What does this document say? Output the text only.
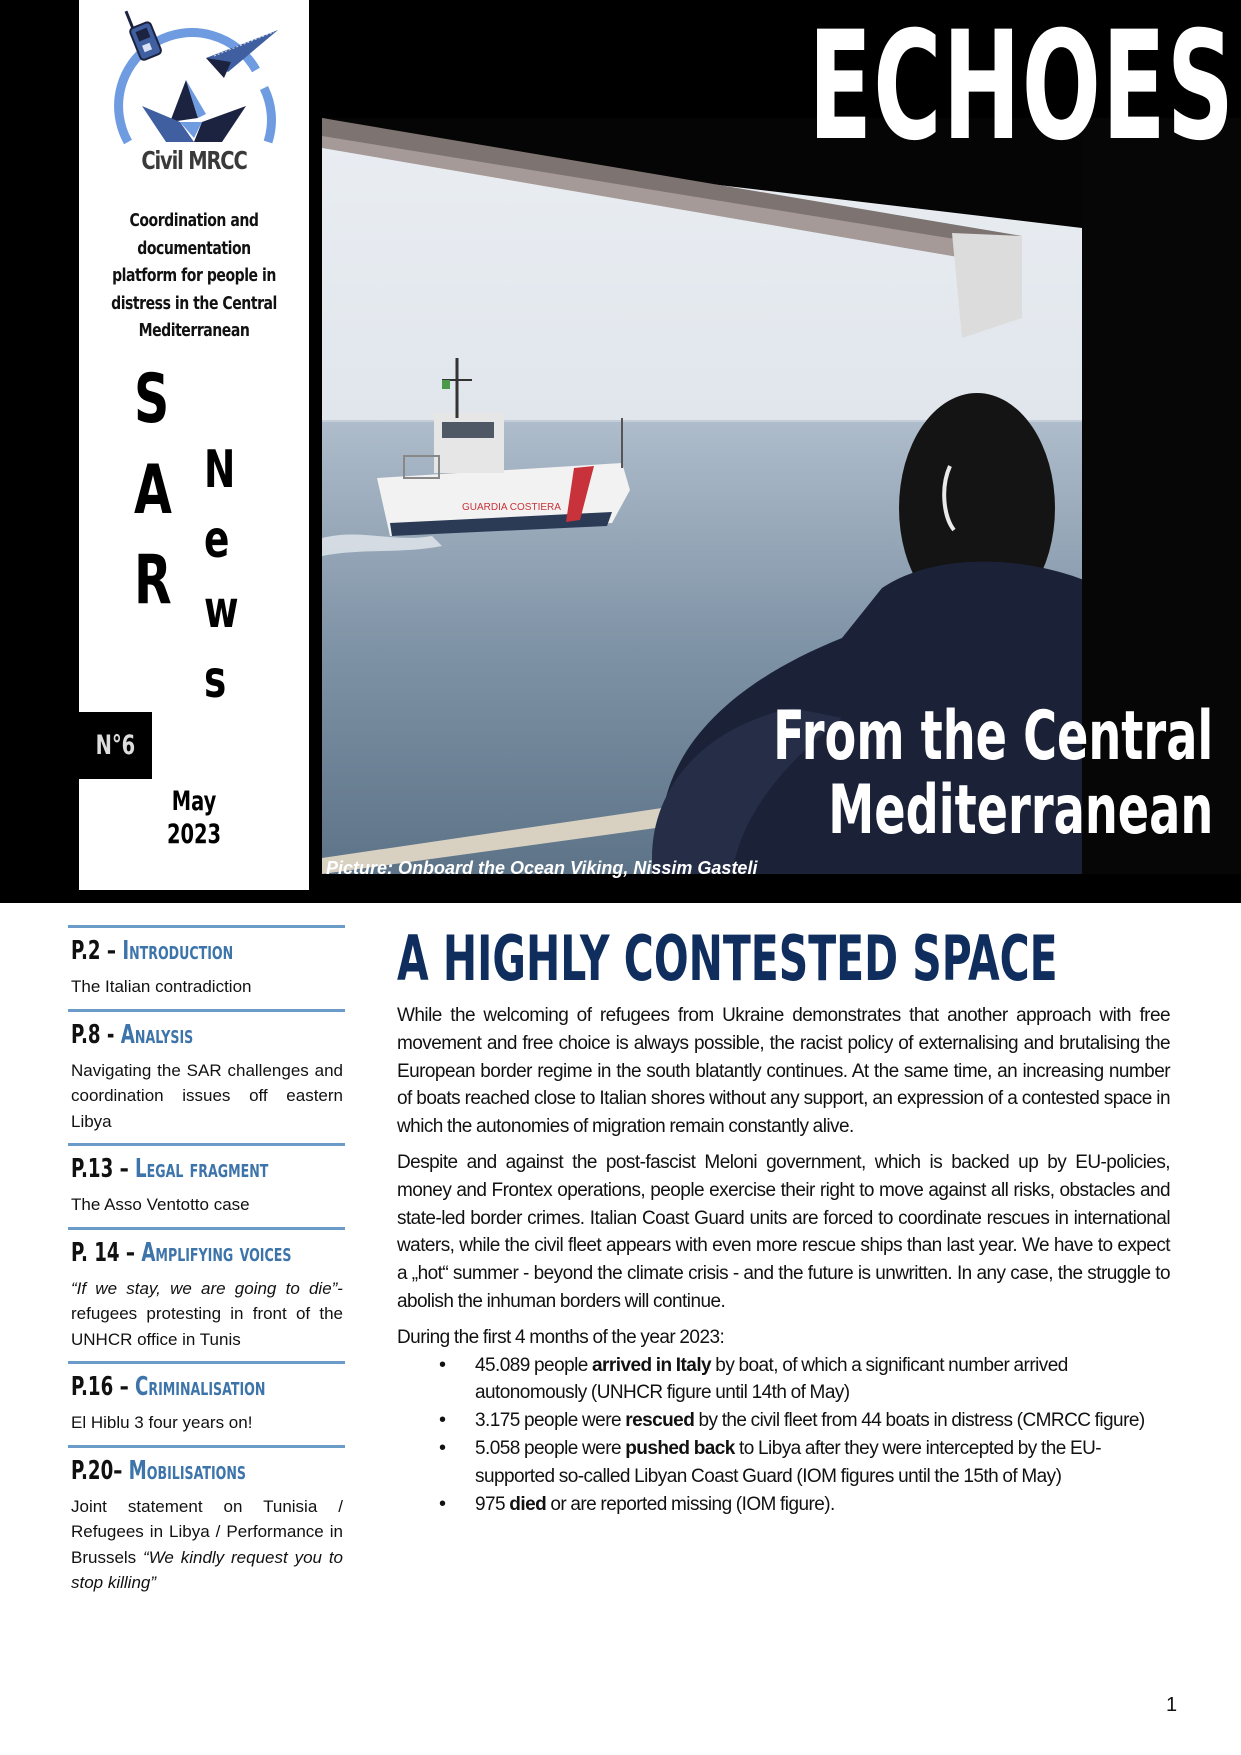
Civil MRCC
Coordination and
documentation
platform for people in
distress in the Central
Mediterranean
S
A
R
N
e
w
s
N°6
May
2023
GUARDIA COSTIERA
ECHOES
From the Central
Mediterranean
Picture: Onboard the Ocean Viking, Nissim Gasteli
P.2 – Introduction
The Italian contradiction
P.8 - Analysis
Navigating the SAR challenges and coordination issues off eastern Libya
P.13 – Legal fragment
The Asso Ventotto case
P. 14 – Amplifying voices
“If we stay, we are going to die”- refugees protesting in front of the UNHCR office in Tunis
P.16 – Criminalisation
El Hiblu 3 four years on!
P.20– Mobilisations
Joint statement on Tunisia / Refugees in Libya / Performance in Brussels “We kindly request you to stop killing”
A HIGHLY CONTESTED SPACE

While the welcoming of refugees from Ukraine demonstrates that another approach with free movement and free choice is always possible, the racist policy of externalising and brutalising the European border regime in the south blatantly continues. At the same time, an increasing number of boats reached close to Italian shores without any support, an expression of a contested space in which the autonomies of migration remain constantly alive.

Despite and against the post-fascist Meloni government, which is backed up by EU-policies, money and Frontex operations, people exercise their right to move against all risks, obstacles and state-led border crimes. Italian Coast Guard units are forced to coordinate rescues in international waters, while the civil fleet appears with even more rescue ships than last year. We have to expect a „hot“ summer - beyond the climate crisis - and the future is unwritten. In any case, the struggle to abolish the inhuman borders will continue.

During the first 4 months of the year 2023:

• 45.089 people arrived in Italy by boat, of which a significant number arrived autonomously (UNHCR figure until 14th of May)
• 3.175 people were rescued by the civil fleet from 44 boats in distress (CMRCC figure)
• 5.058 people were pushed back to Libya after they were intercepted by the EU-supported so-called Libyan Coast Guard (IOM figures until the 15th of May)
• 975 died or are reported missing (IOM figure).
1
